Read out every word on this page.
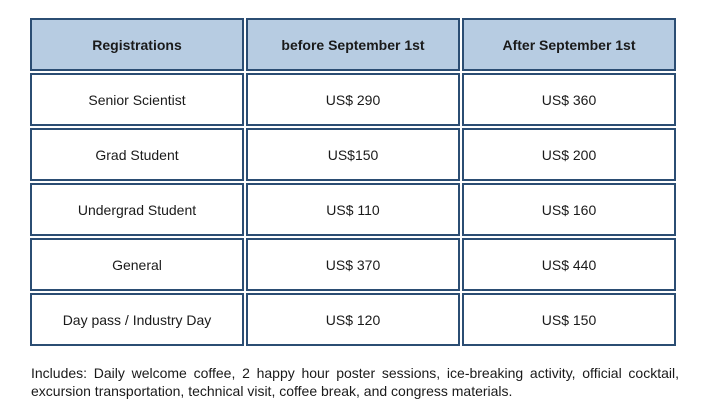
Registrations	before September 1st	After September 1st
Senior Scientist	US$ 290	US$ 360
Grad Student	US$150	US$ 200
Undergrad Student	US$ 110	US$ 160
General	US$ 370	US$ 440
Day pass / Industry Day	US$ 120	US$ 150

Includes: Daily welcome coffee, 2 happy hour poster sessions, ice-breaking activity, official cocktail, excursion transportation, technical visit, coffee break, and congress materials.
